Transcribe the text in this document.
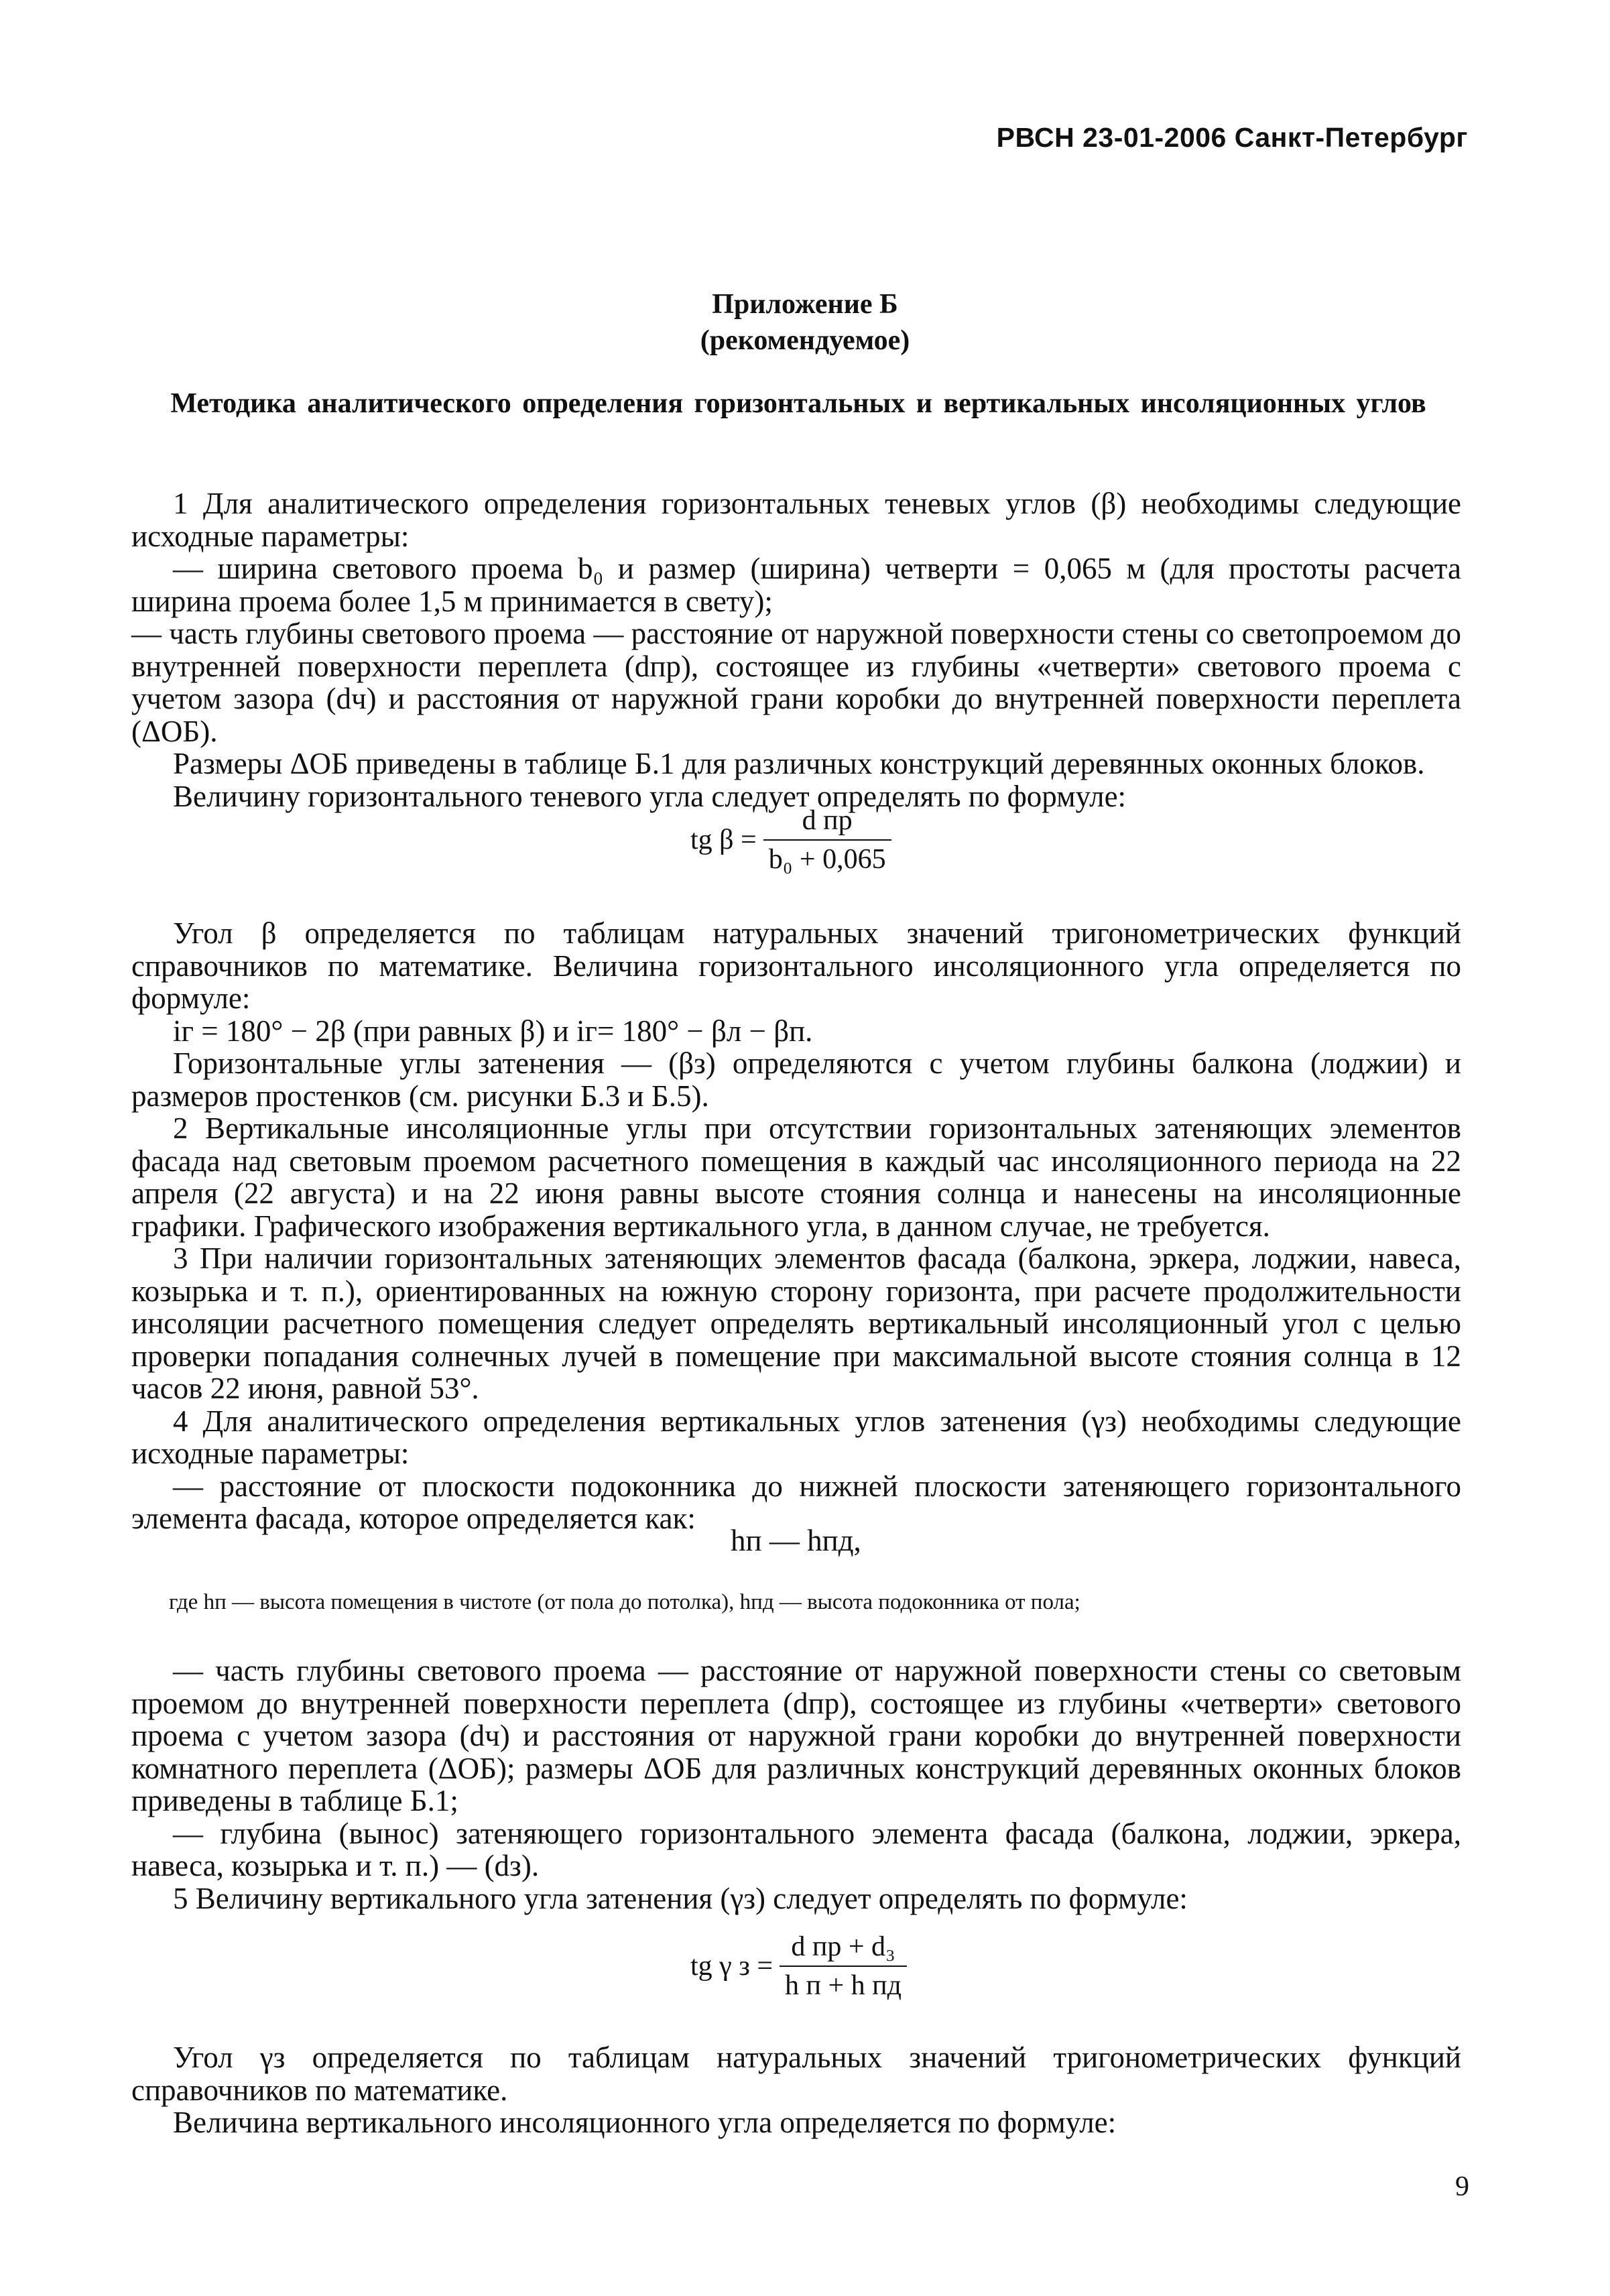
РВСН 23-01-2006 Санкт-Петербург
Приложение Б
(рекомендуемое)
Методика аналитического определения горизонтальных и вертикальных инсоляционных углов

1 Для аналитического определения горизонтальных теневых углов (β) необходимы следующие исходные параметры:

— ширина светового проема b₀ и размер (ширина) четверти = 0,065 м (для простоты расчета ширина проема более 1,5 м принимается в свету);

— часть глубины светового проема — расстояние от наружной поверхности стены со светопроемом до внутренней поверхности переплета (dпр), состоящее из глубины «четверти» светового проема с учетом зазора (dч) и расстояния от наружной грани коробки до внутренней поверхности переплета (ΔОБ).

Размеры ΔОБ приведены в таблице Б.1 для различных конструкций деревянных оконных блоков.

Величину горизонтального теневого угла следует определять по формуле:

tg $\beta = \frac{\text{d пр}}{\text{b₀ + 0,065}}$

Угол β определяется по таблицам натуральных значений тригонометрических функций справочников по математике. Величина горизонтального инсоляционного угла определяется по формуле:

iг = 180° − 2β (при равных β) и iг= 180° − βл − βп.

Горизонтальные углы затенения — (βз) определяются с учетом глубины балкона (лоджии) и размеров простенков (см. рисунки Б.3 и Б.5).

2 Вертикальные инсоляционные углы при отсутствии горизонтальных затеняющих элементов фасада над световым проемом расчетного помещения в каждый час инсоляционного периода на 22 апреля (22 августа) и на 22 июня равны высоте стояния солнца и нанесены на инсоляционные графики. Графического изображения вертикального угла, в данном случае, не требуется.

3 При наличии горизонтальных затеняющих элементов фасада (балкона, эркера, лоджии, навеса, козырька и т. п.), ориентированных на южную сторону горизонта, при расчете продолжительности инсоляции расчетного помещения следует определять вертикальный инсоляционный угол с целью проверки попадания солнечных лучей в помещение при максимальной высоте стояния солнца в 12 часов 22 июня, равной 53°.

4 Для аналитического определения вертикальных углов затенения (γз) необходимы следующие исходные параметры:

— расстояние от плоскости подоконника до нижней плоскости затеняющего горизонтального элемента фасада, которое определяется как:

hп — hпд,
где hп — высота помещения в чистоте (от пола до потолка), hпд — высота подоконника от пола;

— часть глубины светового проема — расстояние от наружной поверхности стены со световым проемом до внутренней поверхности переплета (dпр), состоящее из глубины «четверти» светового проема с учетом зазора (dч) и расстояния от наружной грани коробки до внутренней поверхности комнатного переплета (ΔОБ); размеры ΔОБ для различных конструкций деревянных оконных блоков приведены в таблице Б.1;

— глубина (вынос) затеняющего горизонтального элемента фасада (балкона, лоджии, эркера, навеса, козырька и т. п.) — (dз).

5 Величину вертикального угла затенения (γз) следует определять по формуле:

tg γ $з = \frac{\text{d пр + d₃}}{\text{h п + h пд}}$

Угол γз определяется по таблицам натуральных значений тригонометрических функций справочников по математике.

Величина вертикального инсоляционного угла определяется по формуле:

9
